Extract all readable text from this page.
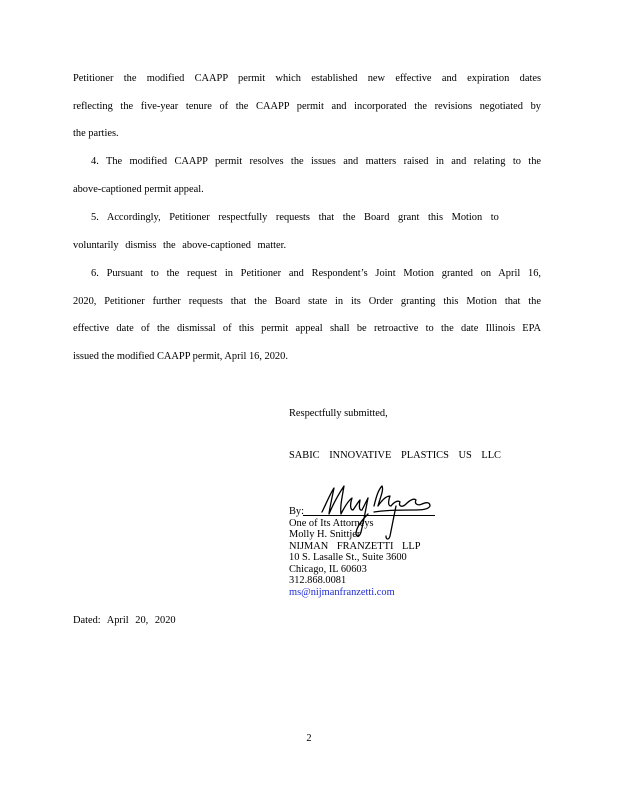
Petitioner the modified CAAPP permit which established new effective and expiration dates
reflecting the five-year tenure of the CAAPP permit and incorporated the revisions negotiated by
the parties.

4. The modified CAAPP permit resolves the issues and matters raised in and relating to the
above-captioned permit appeal.

5. Accordingly, Petitioner respectfully requests that the Board grant this Motion to
voluntarily dismiss the above-captioned matter.

6. Pursuant to the request in Petitioner and Respondent’s Joint Motion granted on April 16,
2020, Petitioner further requests that the Board state in its Order granting this Motion that the
effective date of the dismissal of this permit appeal shall be retroactive to the date Illinois EPA
issued the modified CAAPP permit, April 16, 2020.

Respectfully submitted,
SABIC INNOVATIVE PLASTICS US LLC
By:
One of Its Attorneys
Molly H. Snittjer
NIJMAN FRANZETTI LLP
10 S. Lasalle St., Suite 3600
Chicago, IL 60603
312.868.0081
ms@nijmanfranzetti.com
Dated: April 20, 2020
2
